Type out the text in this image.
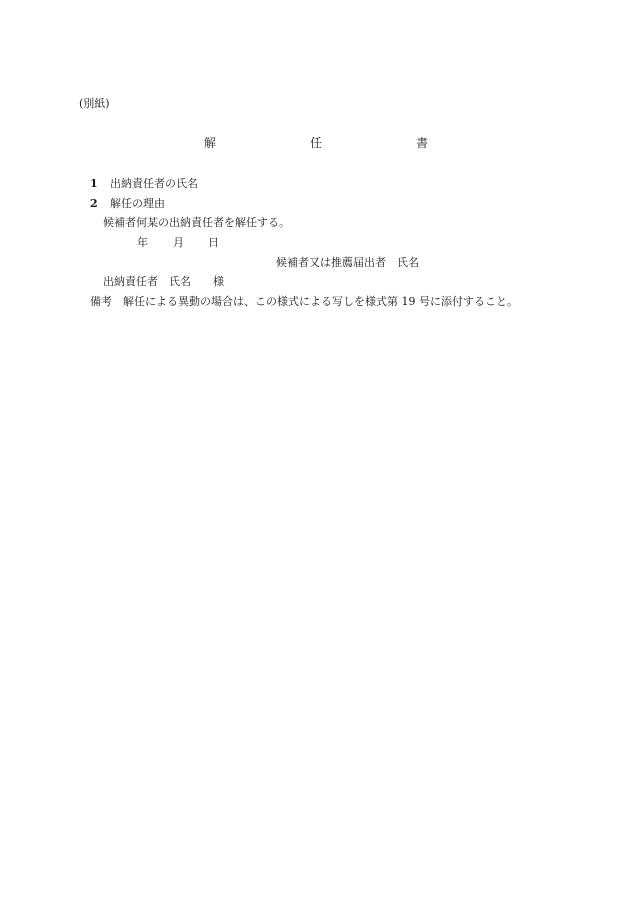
(別紙)
解	任	書
1 出納責任者の氏名
2 解任の理由
候補者何某の出納責任者を解任する。
年 月 日
候補者又は推薦届出者 氏名
出納責任者 氏名 様
備考 解任による異動の場合は、この様式による写しを様式第 19 号に添付すること。
